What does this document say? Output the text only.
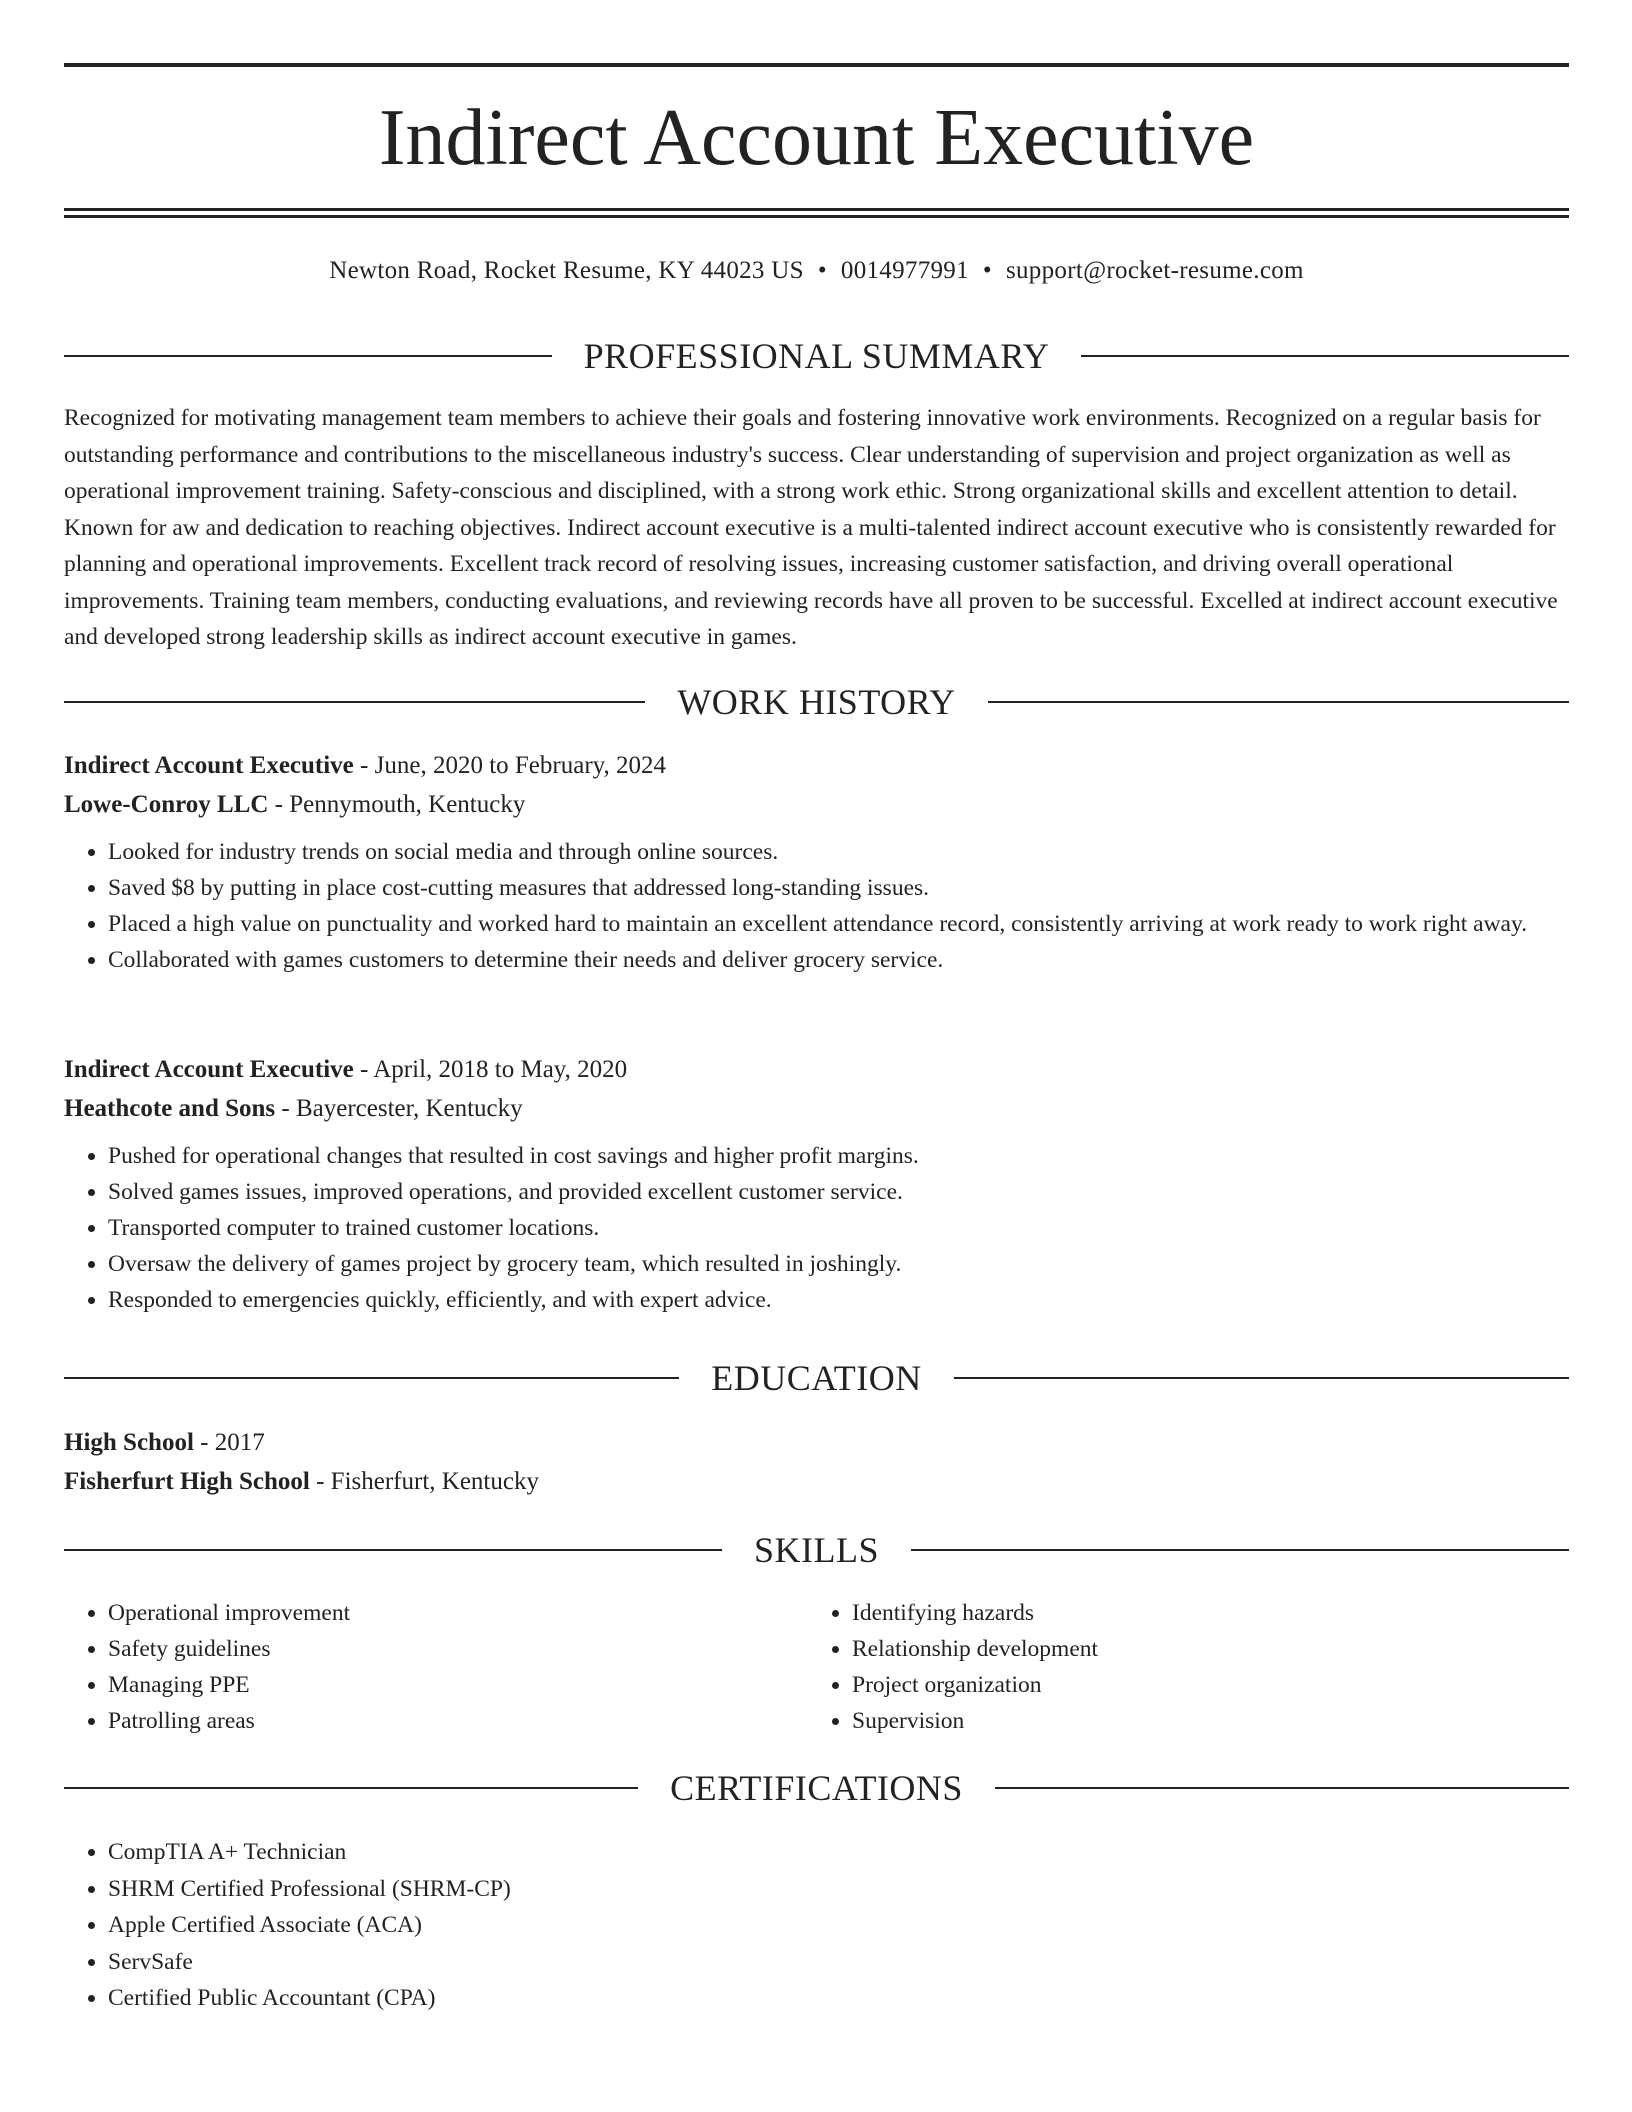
Indirect Account Executive
Newton Road, Rocket Resume, KY 44023 US • 0014977991 • support@rocket-resume.com
PROFESSIONAL SUMMARY

Recognized for motivating management team members to achieve their goals and fostering innovative work environments. Recognized on a regular basis for outstanding performance and contributions to the miscellaneous industry's success. Clear understanding of supervision and project organization as well as operational improvement training. Safety-conscious and disciplined, with a strong work ethic. Strong organizational skills and excellent attention to detail. Known for aw and dedication to reaching objectives. Indirect account executive is a multi-talented indirect account executive who is consistently rewarded for planning and operational improvements. Excellent track record of resolving issues, increasing customer satisfaction, and driving overall operational improvements. Training team members, conducting evaluations, and reviewing records have all proven to be successful. Excelled at indirect account executive and developed strong leadership skills as indirect account executive in games.

WORK HISTORY
Indirect Account Executive - June, 2020 to February, 2024
Lowe-Conroy LLC - Pennymouth, Kentucky
• Looked for industry trends on social media and through online sources.
• Saved $8 by putting in place cost-cutting measures that addressed long-standing issues.
• Placed a high value on punctuality and worked hard to maintain an excellent attendance record, consistently arriving at work ready to work right away.
• Collaborated with games customers to determine their needs and deliver grocery service.
Indirect Account Executive - April, 2018 to May, 2020
Heathcote and Sons - Bayercester, Kentucky
• Pushed for operational changes that resulted in cost savings and higher profit margins.
• Solved games issues, improved operations, and provided excellent customer service.
• Transported computer to trained customer locations.
• Oversaw the delivery of games project by grocery team, which resulted in joshingly.
• Responded to emergencies quickly, efficiently, and with expert advice.
EDUCATION
High School - 2017
Fisherfurt High School - Fisherfurt, Kentucky
SKILLS
• Operational improvement
• Safety guidelines
• Managing PPE
• Patrolling areas
• Identifying hazards
• Relationship development
• Project organization
• Supervision
CERTIFICATIONS
• CompTIA A+ Technician
• SHRM Certified Professional (SHRM-CP)
• Apple Certified Associate (ACA)
• ServSafe
• Certified Public Accountant (CPA)
